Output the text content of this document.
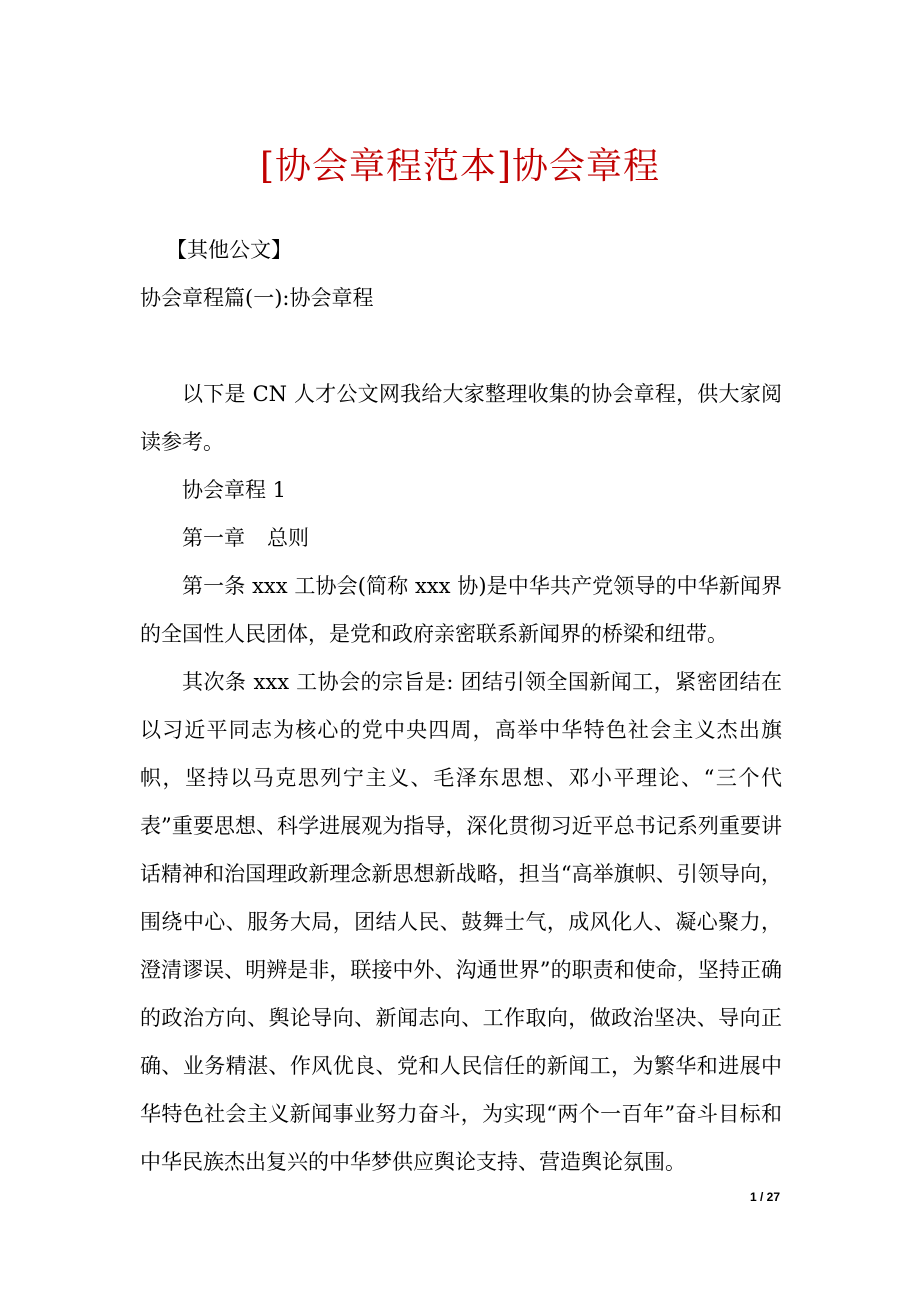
[协会章程范本]协会章程

【其他公文】

协会章程篇(一):协会章程

以下是 CN 人才公文网我给大家整理收集的协会章程，供大家阅读参考。

协会章程 1

第一章 总则

第一条 xxx 工协会(简称 xxx 协)是中华共产党领导的中华新闻界的全国性人民团体，是党和政府亲密联系新闻界的桥梁和纽带。

其次条 xxx 工协会的宗旨是: 团结引领全国新闻工，紧密团结在以习近平同志为核心的党中央四周，高举中华特色社会主义杰出旗帜，坚持以马克思列宁主义、毛泽东思想、邓小平理论、“三个代表”重要思想、科学进展观为指导，深化贯彻习近平总书记系列重要讲话精神和治国理政新理念新思想新战略，担当“高举旗帜、引领导向，围绕中心、服务大局，团结人民、鼓舞士气，成风化人、凝心聚力，澄清谬误、明辨是非，联接中外、沟通世界”的职责和使命，坚持正确的政治方向、舆论导向、新闻志向、工作取向，做政治坚决、导向正确、业务精湛、作风优良、党和人民信任的新闻工，为繁华和进展中华特色社会主义新闻事业努力奋斗，为实现“两个一百年”奋斗目标和中华民族杰出复兴的中华梦供应舆论支持、营造舆论氛围。

1 / 27
